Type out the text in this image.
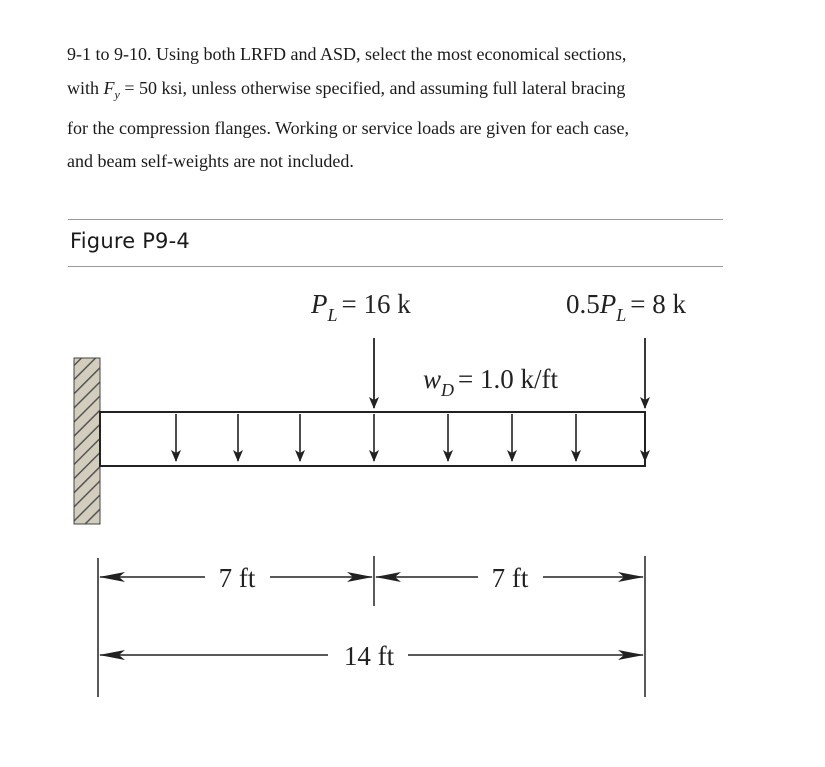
9-1 to 9-10. Using both LRFD and ASD, select the most economical sections,

with $F_y = 50$ ksi, unless otherwise specified, and assuming full lateral bracing

for the compression flanges. Working or service loads are given for each case,

and beam self-weights are not included.

Figure P9-4
$P_L = 16$ k	$0.5P_L = 8$ k
$w_D = 1.0$ k/ft
7 ft	7 ft
14 ft
